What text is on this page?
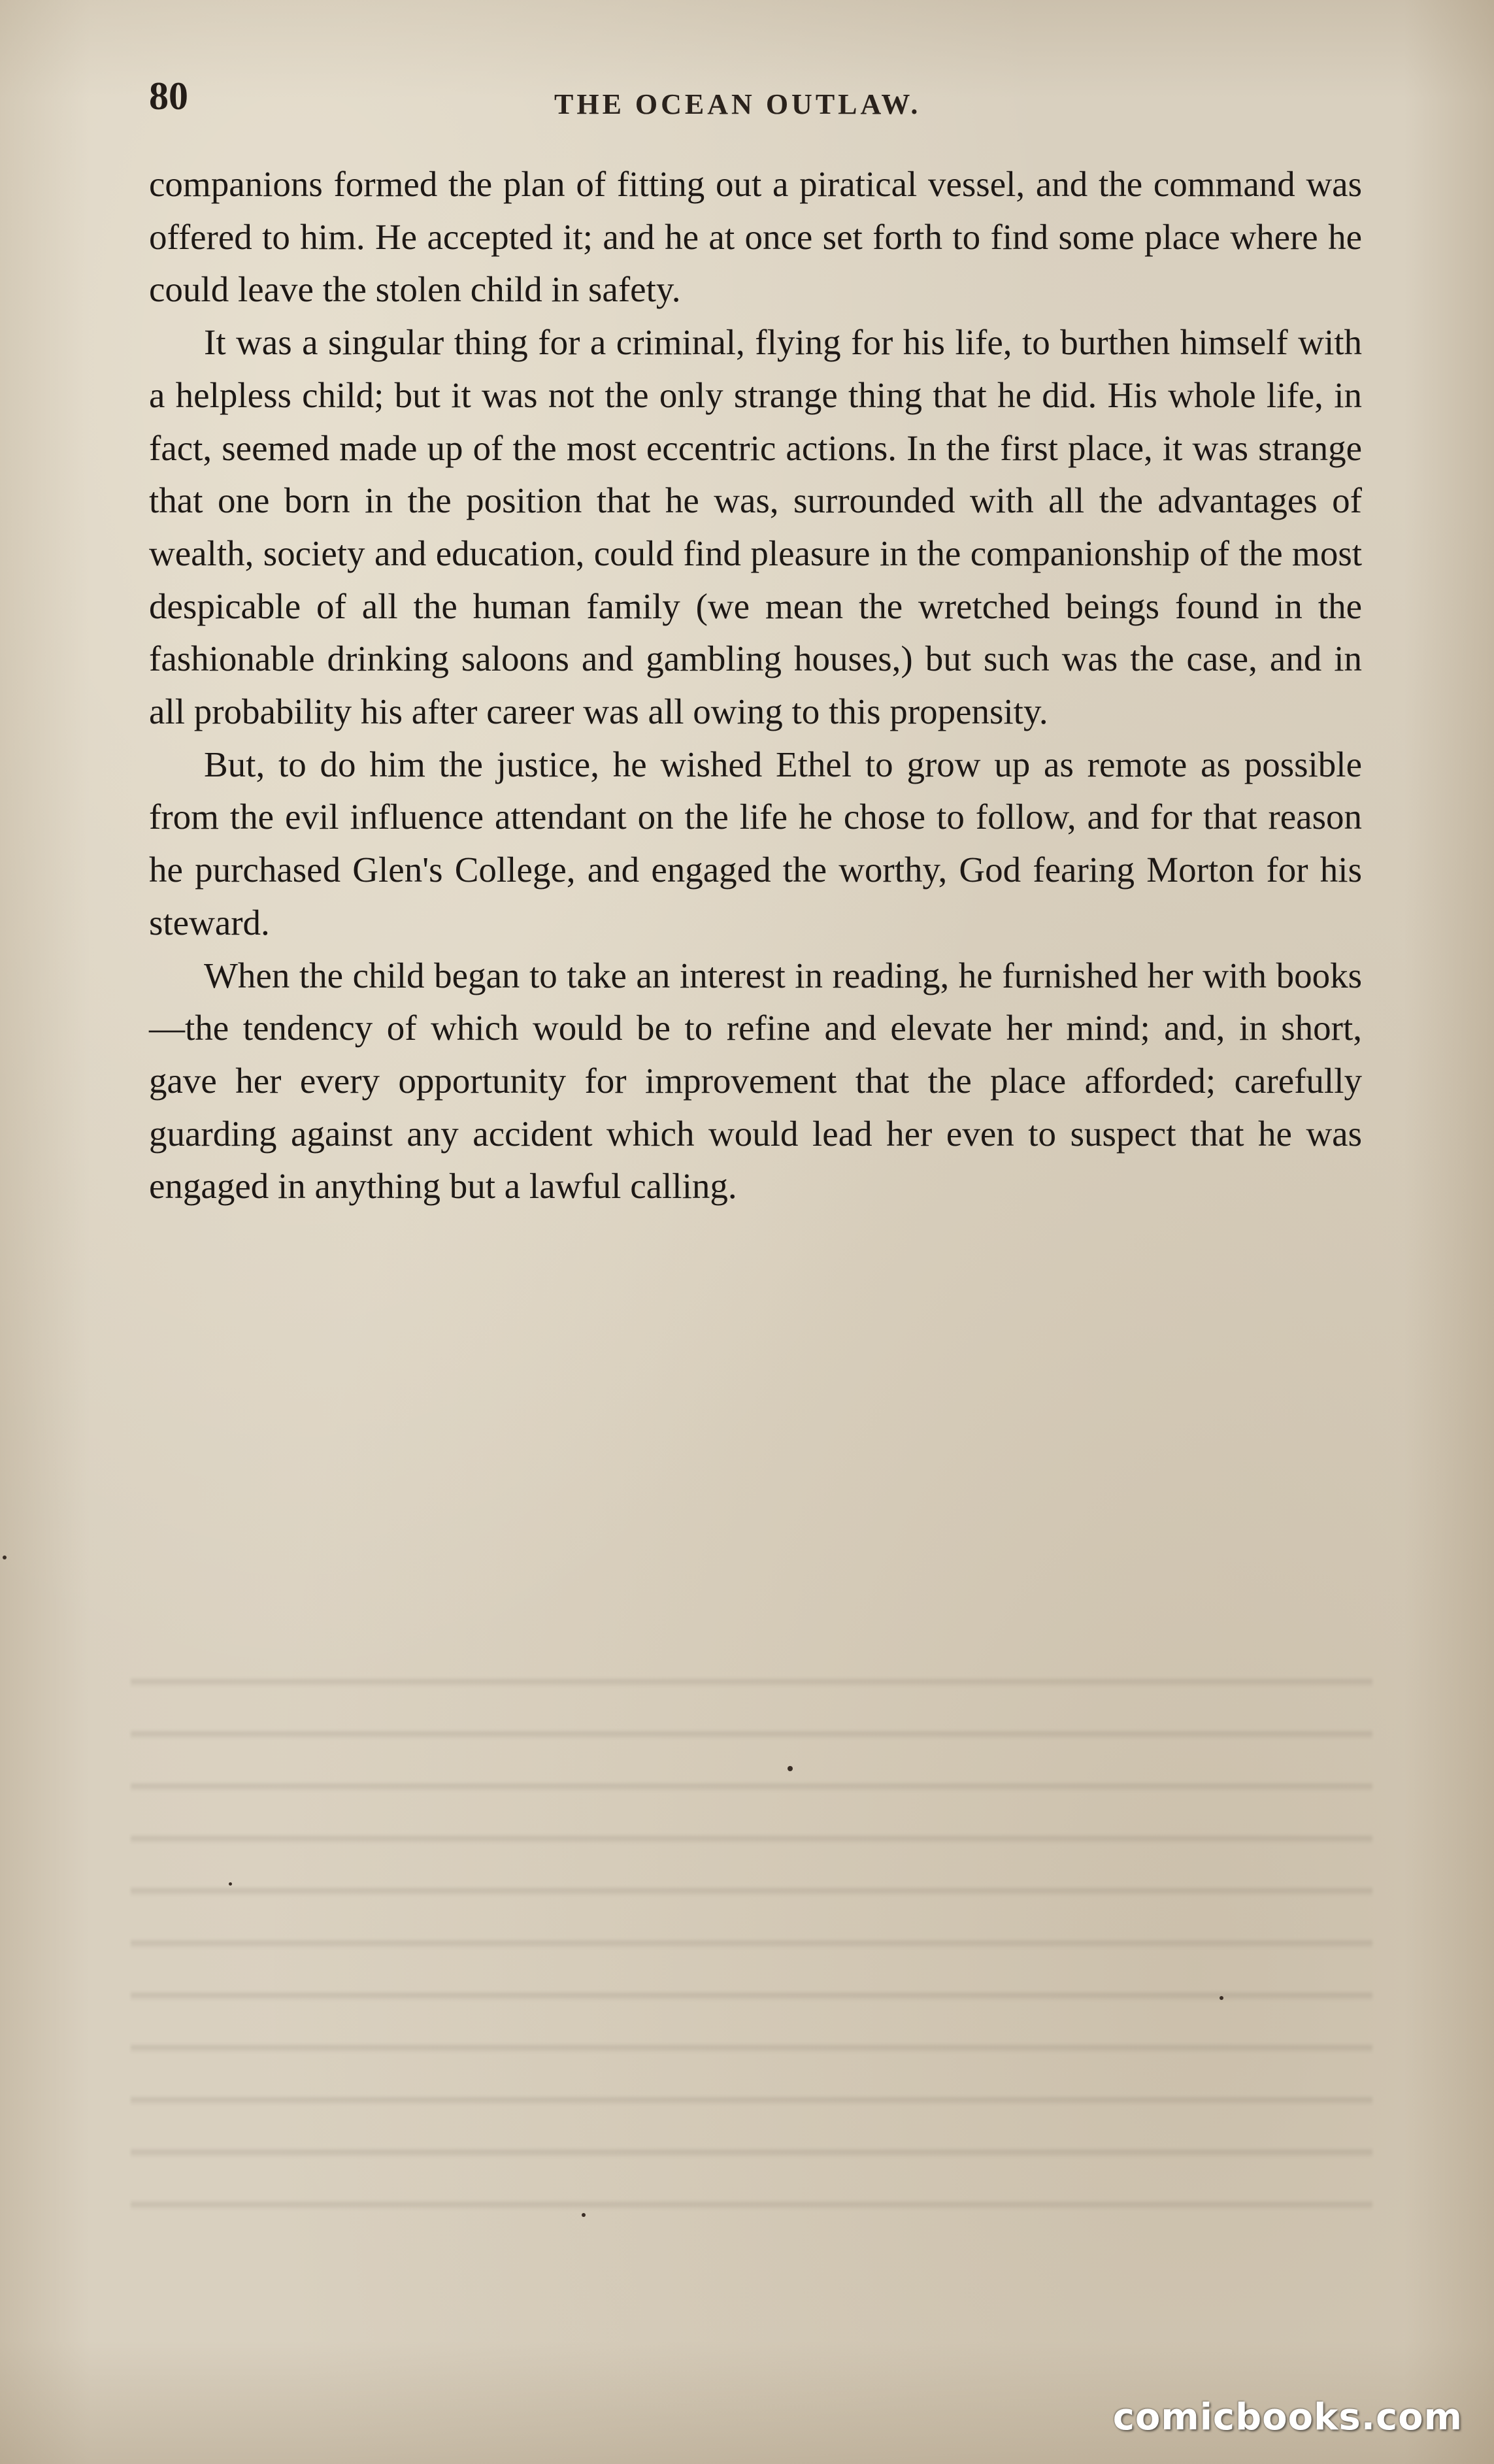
80	THE OCEAN OUTLAW.

companions formed the plan of fitting out a piratical vessel, and the command was offered to him. He accepted it; and he at once set forth to find some place where he could leave the stolen child in safety.

It was a singular thing for a criminal, flying for his life, to burthen himself with a helpless child; but it was not the only strange thing that he did. His whole life, in fact, seemed made up of the most eccentric actions. In the first place, it was strange that one born in the position that he was, surrounded with all the advantages of wealth, society and education, could find pleasure in the companionship of the most despicable of all the human family (we mean the wretched beings found in the fashionable drinking saloons and gambling houses,) but such was the case, and in all probability his after career was all owing to this propensity.

But, to do him the justice, he wished Ethel to grow up as remote as possible from the evil influence attendant on the life he chose to follow, and for that reason he purchased Glen's College, and engaged the worthy, God fearing Morton for his steward.

When the child began to take an interest in reading, he furnished her with books—the tendency of which would be to refine and elevate her mind; and, in short, gave her every opportunity for improvement that the place afforded; carefully guarding against any accident which would lead her even to suspect that he was engaged in anything but a lawful calling.

comicbooks.com
